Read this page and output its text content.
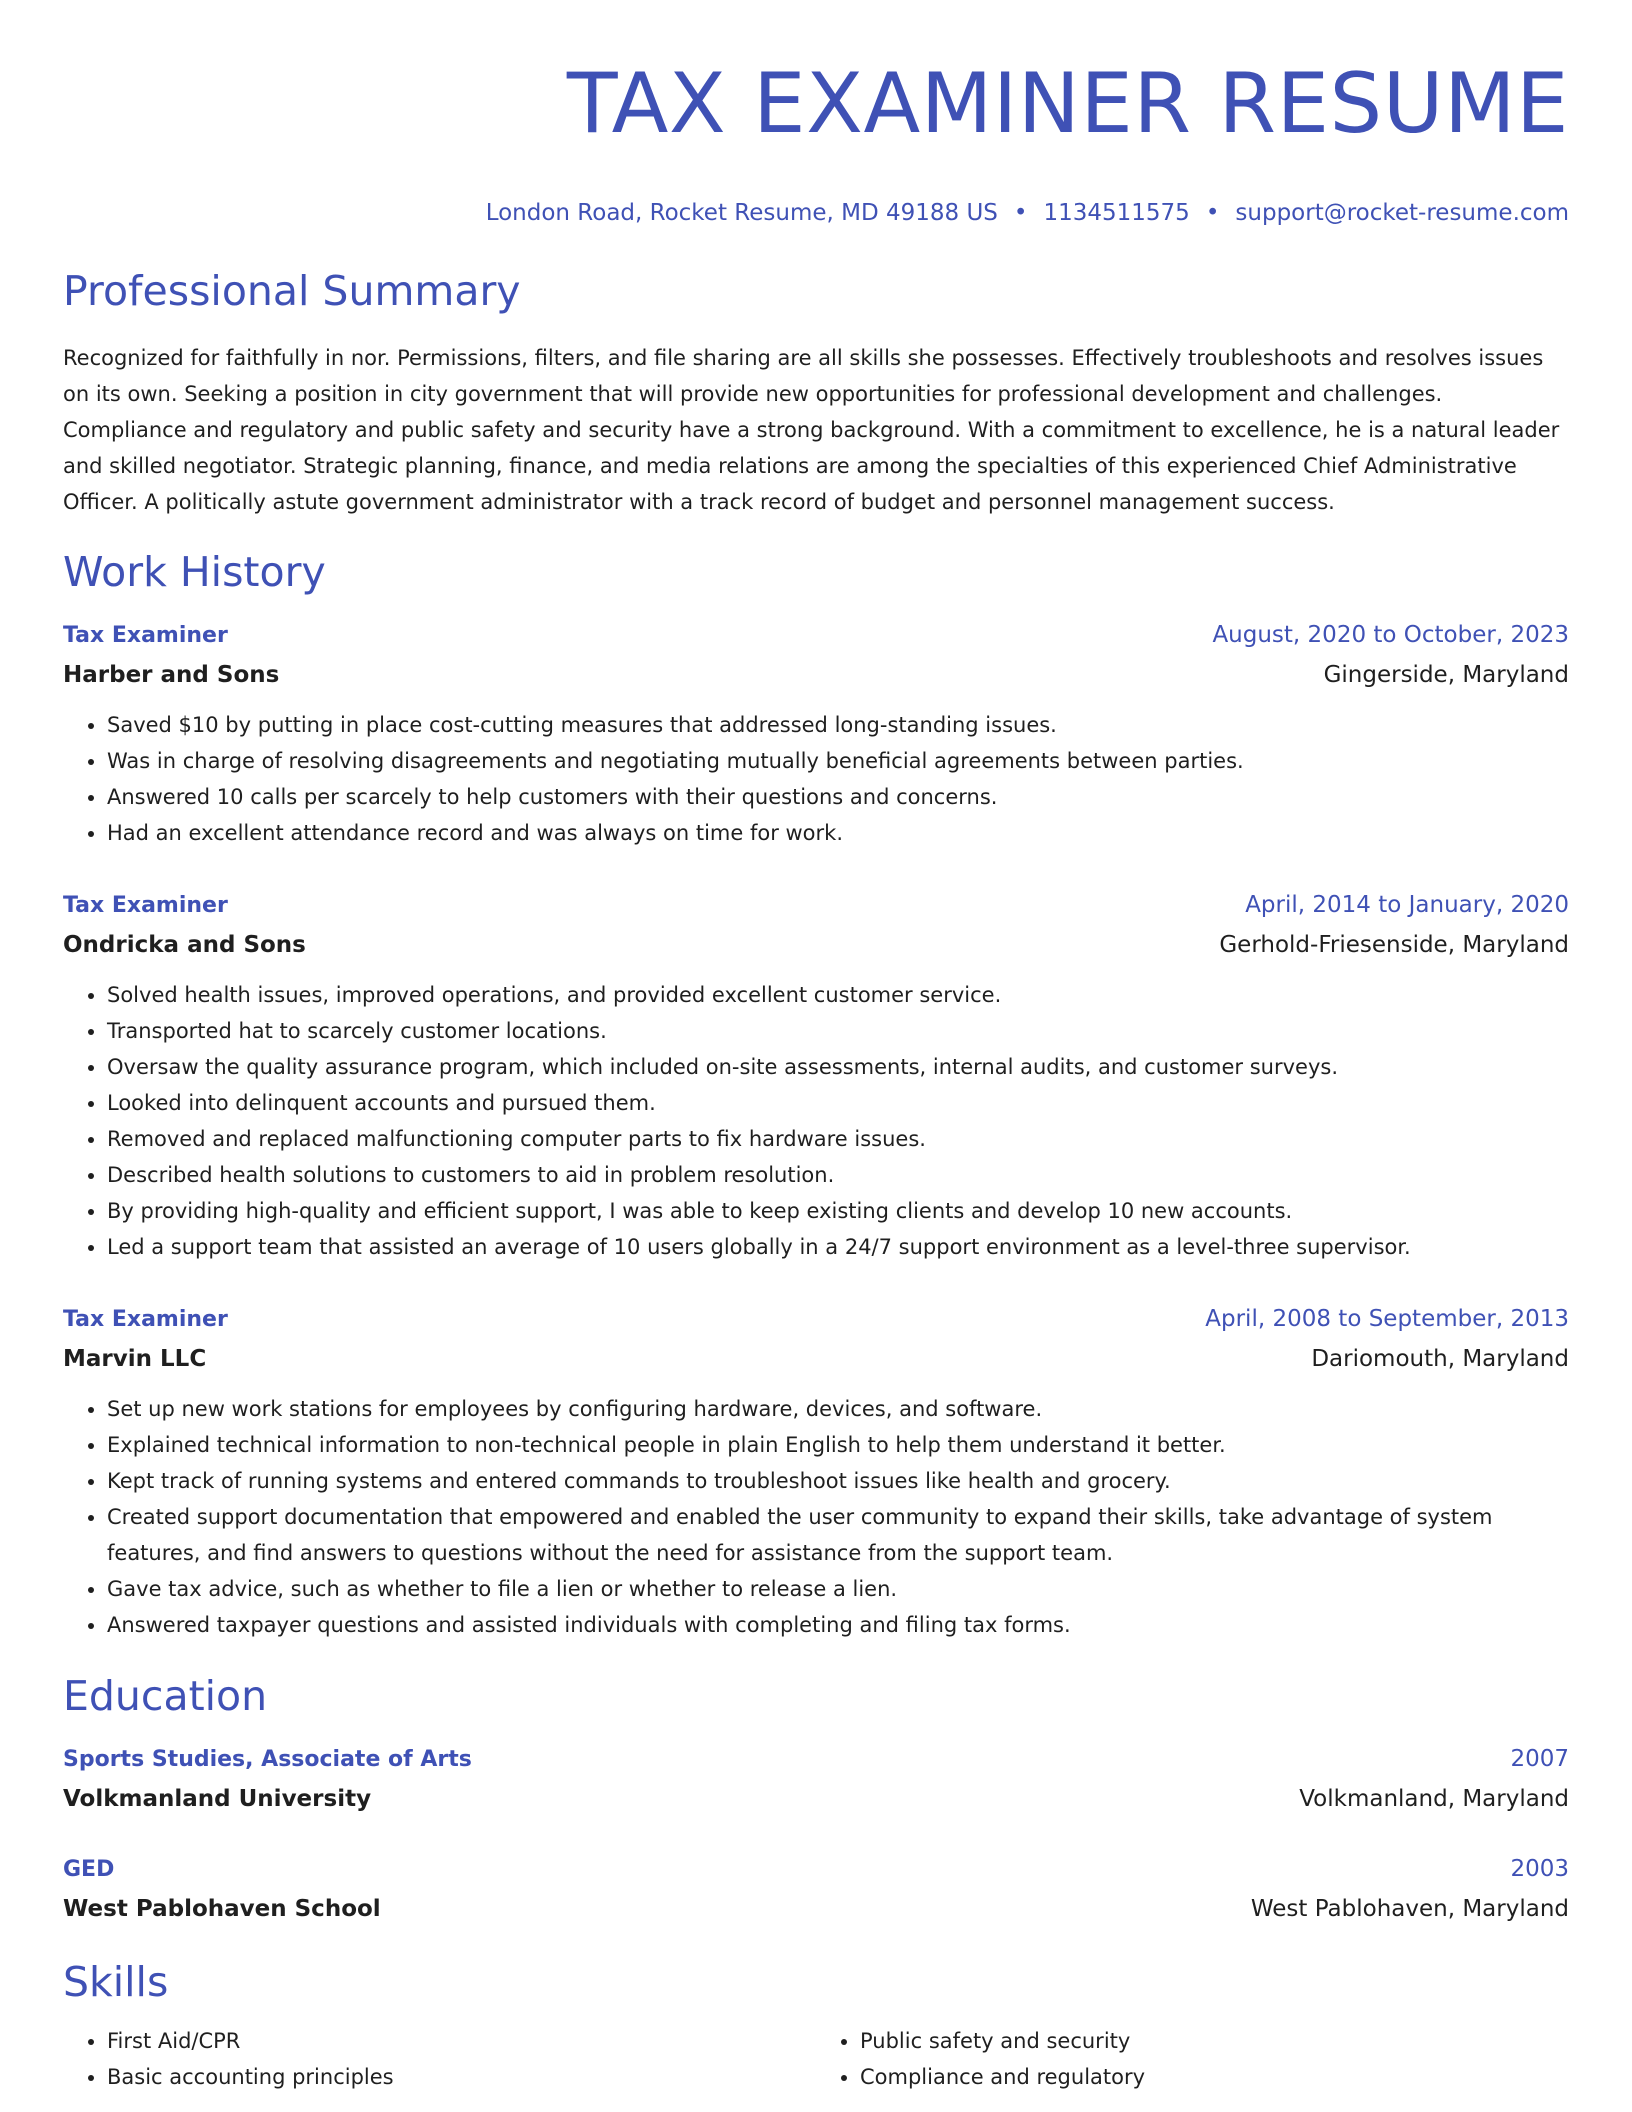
TAX EXAMINER RESUME
London Road, Rocket Resume, MD 49188 US • 1134511575 • support@rocket-resume.com
Professional Summary
Recognized for faithfully in nor. Permissions, filters, and file sharing are all skills she possesses. Effectively troubleshoots and resolves issues on its own. Seeking a position in city government that will provide new opportunities for professional development and challenges. Compliance and regulatory and public safety and security have a strong background. With a commitment to excellence, he is a natural leader and skilled negotiator. Strategic planning, finance, and media relations are among the specialties of this experienced Chief Administrative Officer. A politically astute government administrator with a track record of budget and personnel management success.
Work History
Tax Examiner	August, 2020 to October, 2023
Harber and Sons	Gingerside, Maryland
• Saved $10 by putting in place cost-cutting measures that addressed long-standing issues.
• Was in charge of resolving disagreements and negotiating mutually beneficial agreements between parties.
• Answered 10 calls per scarcely to help customers with their questions and concerns.
• Had an excellent attendance record and was always on time for work.
Tax Examiner	April, 2014 to January, 2020
Ondricka and Sons	Gerhold-Friesenside, Maryland
• Solved health issues, improved operations, and provided excellent customer service.
• Transported hat to scarcely customer locations.
• Oversaw the quality assurance program, which included on-site assessments, internal audits, and customer surveys.
• Looked into delinquent accounts and pursued them.
• Removed and replaced malfunctioning computer parts to fix hardware issues.
• Described health solutions to customers to aid in problem resolution.
• By providing high-quality and efficient support, I was able to keep existing clients and develop 10 new accounts.
• Led a support team that assisted an average of 10 users globally in a 24/7 support environment as a level-three supervisor.
Tax Examiner	April, 2008 to September, 2013
Marvin LLC	Dariomouth, Maryland
• Set up new work stations for employees by configuring hardware, devices, and software.
• Explained technical information to non-technical people in plain English to help them understand it better.
• Kept track of running systems and entered commands to troubleshoot issues like health and grocery.
• Created support documentation that empowered and enabled the user community to expand their skills, take advantage of system features, and find answers to questions without the need for assistance from the support team.
• Gave tax advice, such as whether to file a lien or whether to release a lien.
• Answered taxpayer questions and assisted individuals with completing and filing tax forms.
Education
Sports Studies, Associate of Arts	2007
Volkmanland University	Volkmanland, Maryland
GED	2003
West Pablohaven School	West Pablohaven, Maryland
Skills
• First Aid/CPR
• Basic accounting principles
• Public safety and security
• Compliance and regulatory
